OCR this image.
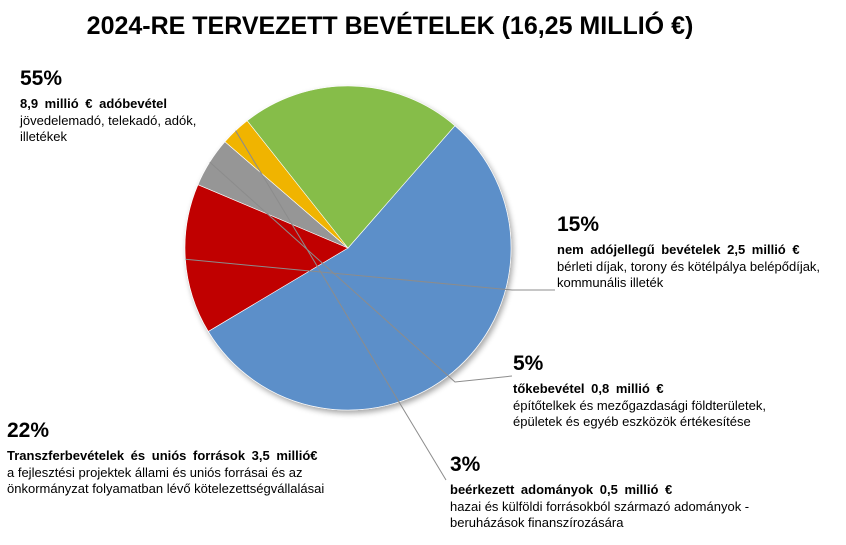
2024-RE TERVEZETT BEVÉTELEK (16,25 MILLIÓ €)
55%
8,9 millió € adóbevétel
jövedelemadó, telekadó, adók, illetékek
15%
nem adójellegű bevételek 2,5 millió €
bérleti díjak, torony és kötélpálya belépődíjak, kommunális illeték
5%
tőkebevétel 0,8 millió €
építőtelkek és mezőgazdasági földterületek, épületek és egyéb eszközök értékesítése
3%
beérkezett adományok 0,5 millió €
hazai és külföldi forrásokból származó adományok - beruházások finanszírozására
22%
Transzferbevételek és uniós források 3,5 millió€
a fejlesztési projektek állami és uniós forrásai és az önkormányzat folyamatban lévő kötelezettségvállalásai
